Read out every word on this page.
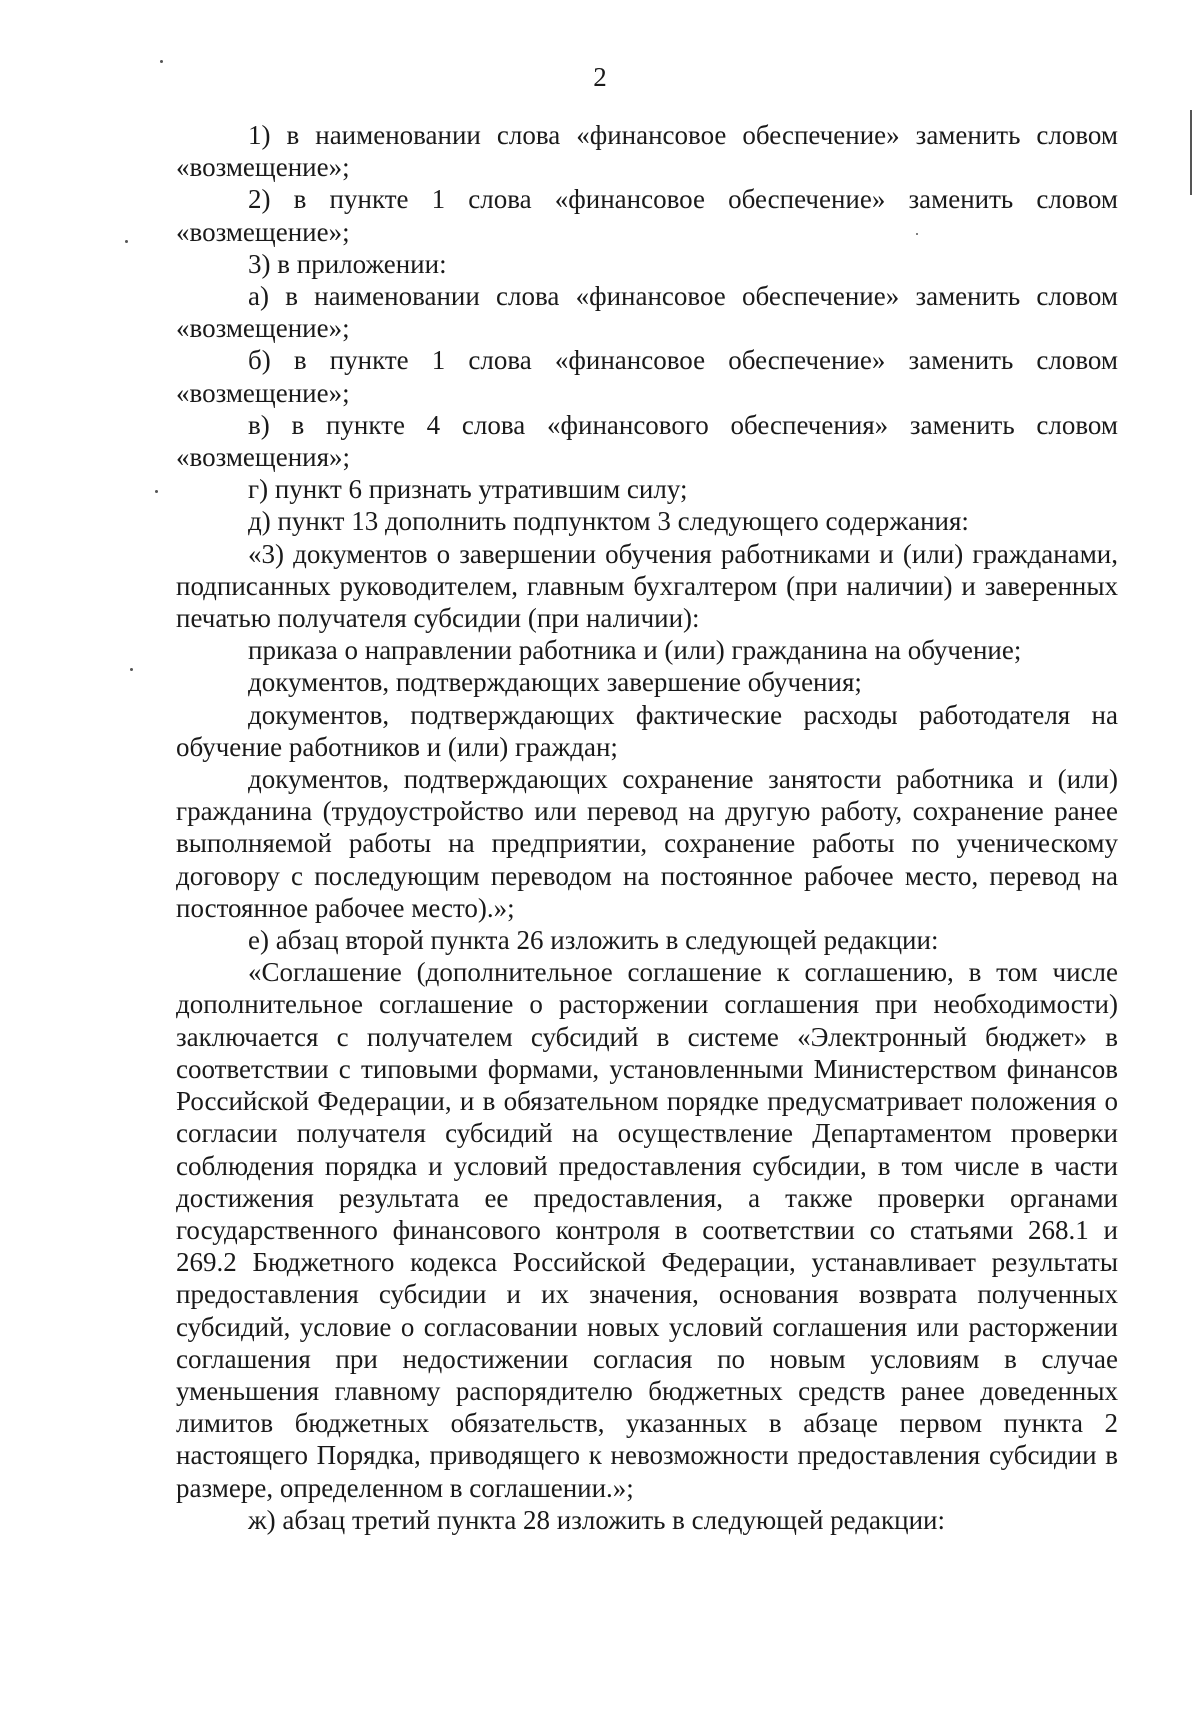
2

1) в наименовании слова «финансовое обеспечение» заменить словом «возмещение»;

2) в пункте 1 слова «финансовое обеспечение» заменить словом «возмещение»;

3) в приложении:

а) в наименовании слова «финансовое обеспечение» заменить словом «возмещение»;

б) в пункте 1 слова «финансовое обеспечение» заменить словом «возмещение»;

в) в пункте 4 слова «финансового обеспечения» заменить словом «возмещения»;

г) пункт 6 признать утратившим силу;

д) пункт 13 дополнить подпунктом 3 следующего содержания:

«3) документов о завершении обучения работниками и (или) гражданами, подписанных руководителем, главным бухгалтером (при наличии) и заверенных печатью получателя субсидии (при наличии):

приказа о направлении работника и (или) гражданина на обучение;

документов, подтверждающих завершение обучения;

документов, подтверждающих фактические расходы работодателя на обучение работников и (или) граждан;

документов, подтверждающих сохранение занятости работника и (или) гражданина (трудоустройство или перевод на другую работу, сохранение ранее выполняемой работы на предприятии, сохранение работы по ученическому договору с последующим переводом на постоянное рабочее место, перевод на постоянное рабочее место).»;

е) абзац второй пункта 26 изложить в следующей редакции:

«Соглашение (дополнительное соглашение к соглашению, в том числе дополнительное соглашение о расторжении соглашения при необходимости) заключается с получателем субсидий в системе «Электронный бюджет» в соответствии с типовыми формами, установленными Министерством финансов Российской Федерации, и в обязательном порядке предусматривает положения о согласии получателя субсидий на осуществление Департаментом проверки соблюдения порядка и условий предоставления субсидии, в том числе в части достижения результата ее предоставления, а также проверки органами государственного финансового контроля в соответствии со статьями 268.1 и 269.2 Бюджетного кодекса Российской Федерации, устанавливает результаты предоставления субсидии и их значения, основания возврата полученных субсидий, условие о согласовании новых условий соглашения или расторжении соглашения при недостижении согласия по новым условиям в случае уменьшения главному распорядителю бюджетных средств ранее доведенных лимитов бюджетных обязательств, указанных в абзаце первом пункта 2 настоящего Порядка, приводящего к невозможности предоставления субсидии в размере, определенном в соглашении.»;

ж) абзац третий пункта 28 изложить в следующей редакции:
